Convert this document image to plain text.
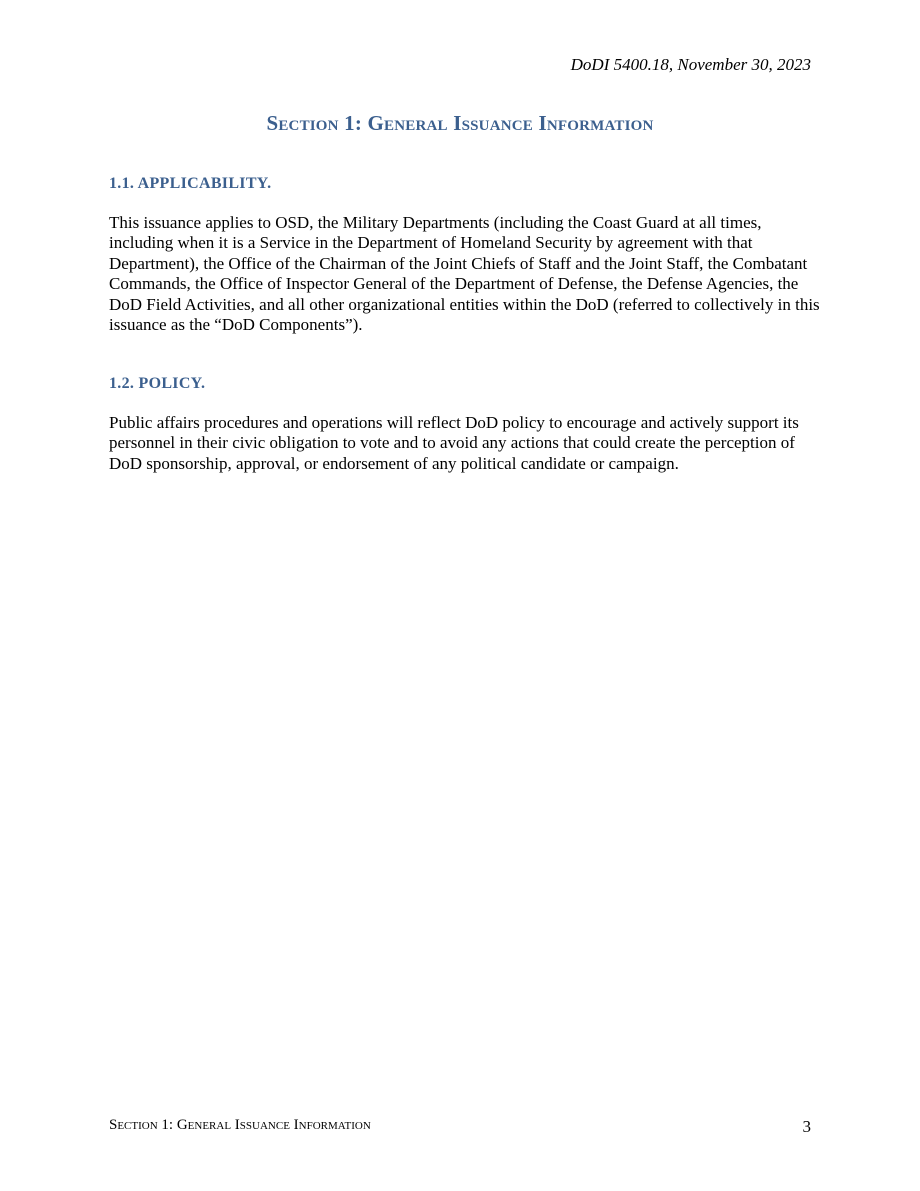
DoDI 5400.18, November 30, 2023
Section 1: General Issuance Information
1.1. APPLICABILITY.
This issuance applies to OSD, the Military Departments (including the Coast Guard at all times, including when it is a Service in the Department of Homeland Security by agreement with that Department), the Office of the Chairman of the Joint Chiefs of Staff and the Joint Staff, the Combatant Commands, the Office of Inspector General of the Department of Defense, the Defense Agencies, the DoD Field Activities, and all other organizational entities within the DoD (referred to collectively in this issuance as the “DoD Components”).
1.2. POLICY.
Public affairs procedures and operations will reflect DoD policy to encourage and actively support its personnel in their civic obligation to vote and to avoid any actions that could create the perception of DoD sponsorship, approval, or endorsement of any political candidate or campaign.
Section 1: General Issuance Information	3
